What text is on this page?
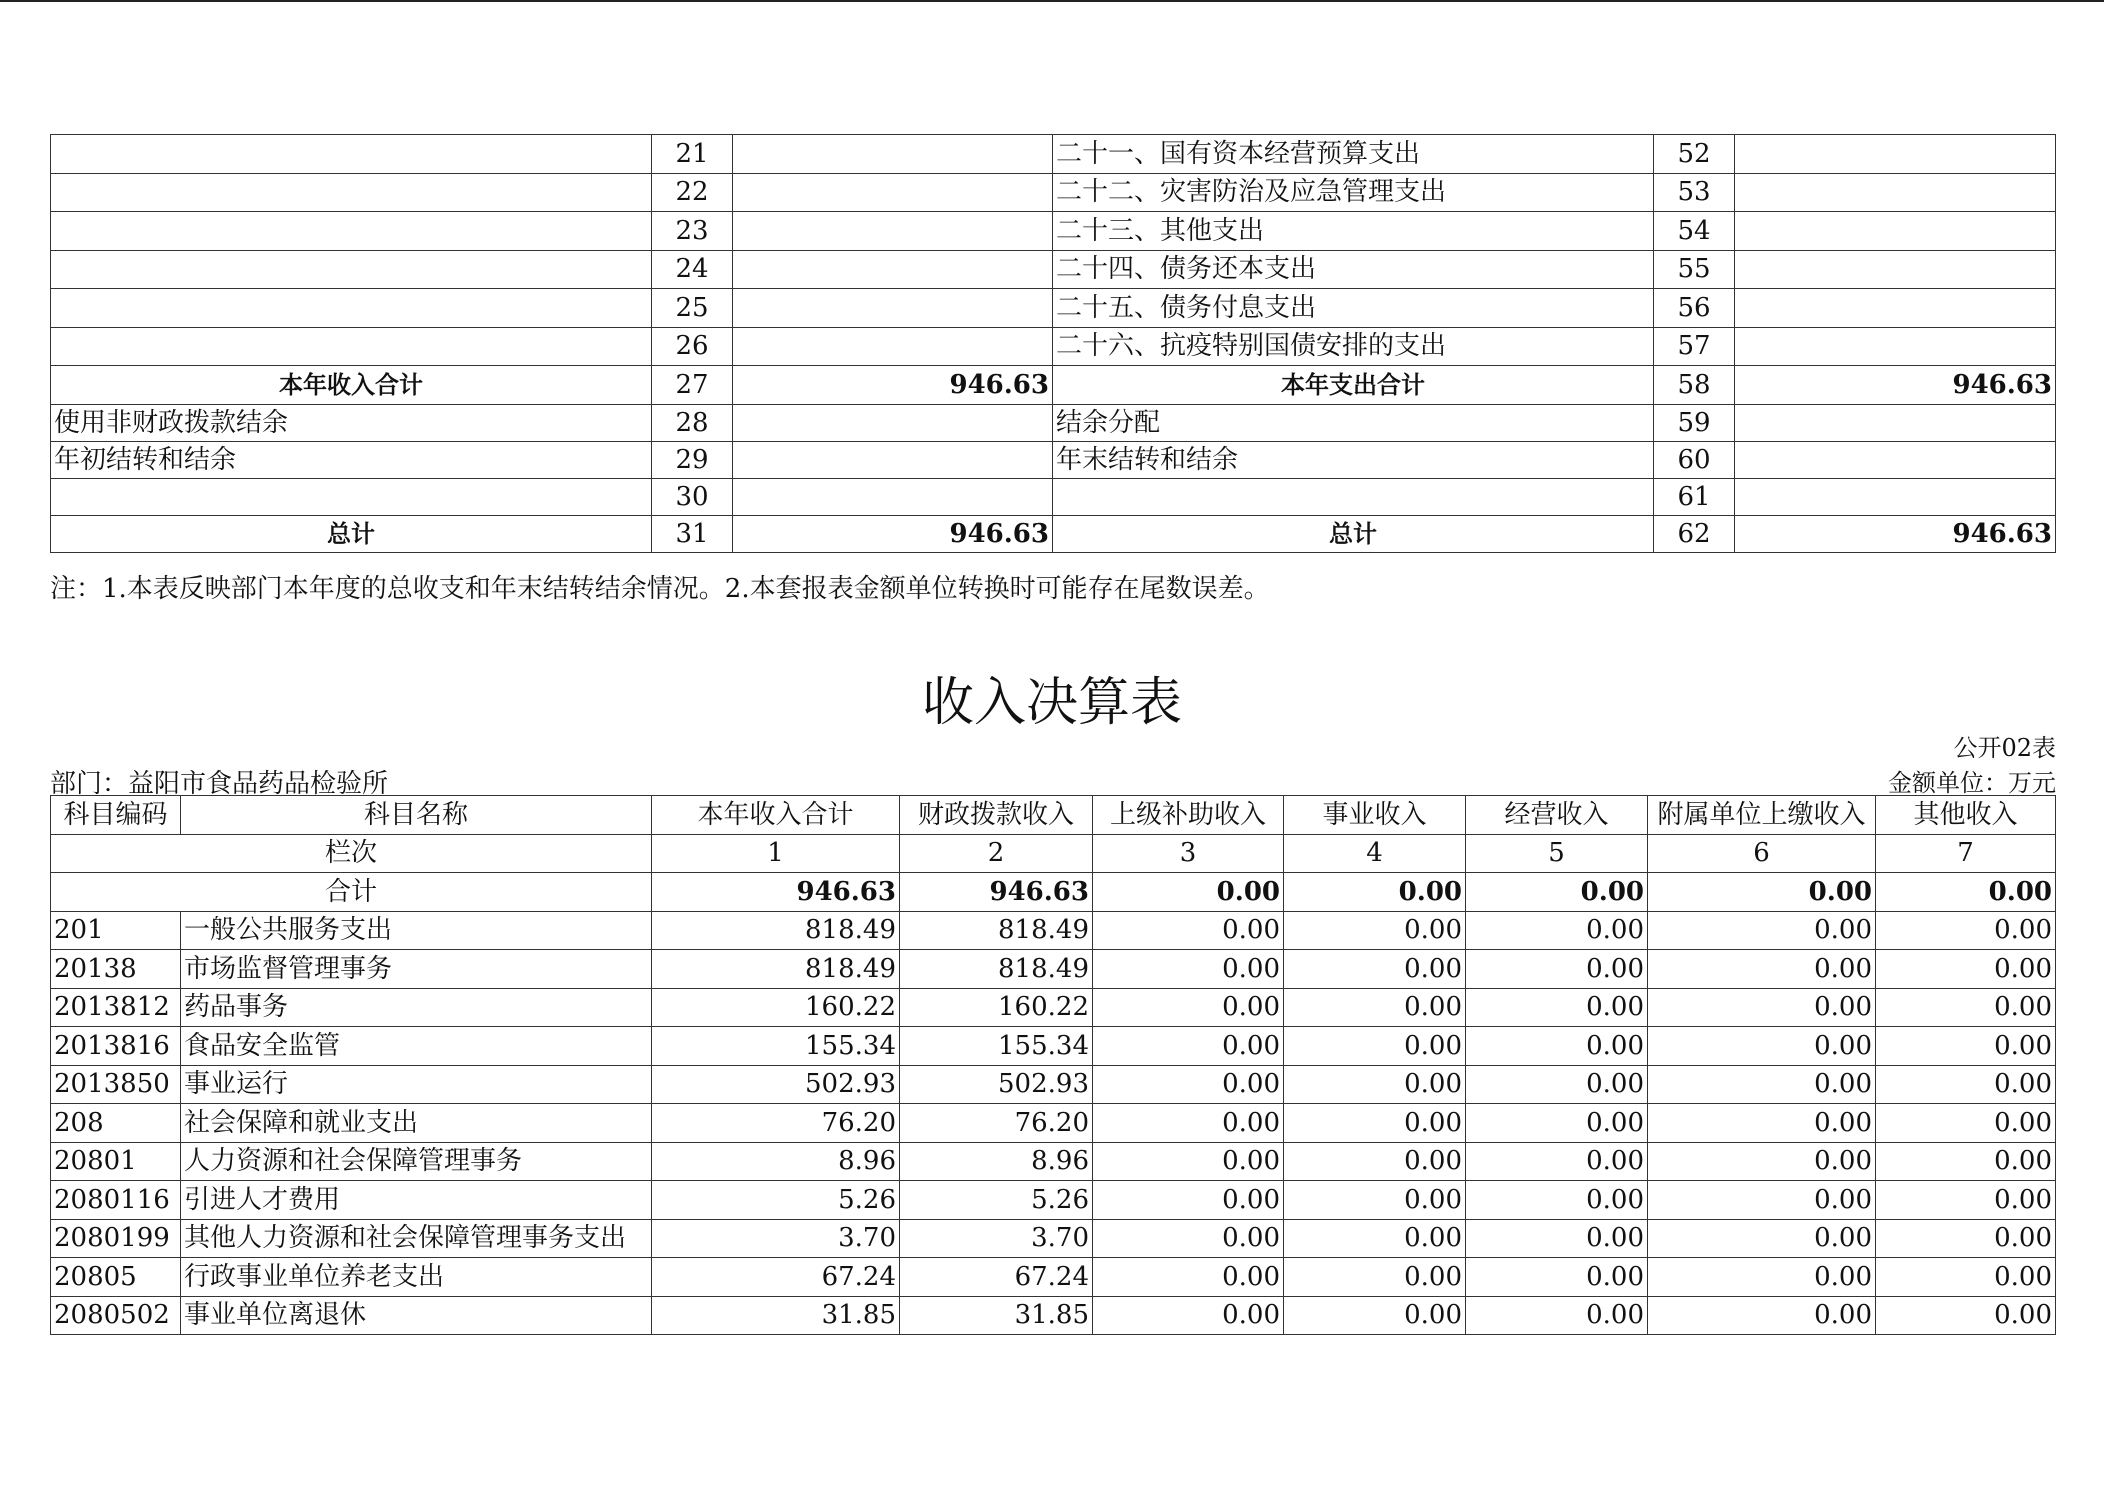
	21		二十一、国有资本经营预算支出	52	
	22		二十二、灾害防治及应急管理支出	53	
	23		二十三、其他支出	54	
	24		二十四、债务还本支出	55	
	25		二十五、债务付息支出	56	
	26		二十六、抗疫特别国债安排的支出	57	
本年收入合计	27	946.63	本年支出合计	58	946.63
使用非财政拨款结余	28		结余分配	59	
年初结转和结余	29		年末结转和结余	60	
	30			61	
总计	31	946.63	总计	62	946.63
注：1.本表反映部门本年度的总收支和年末结转结余情况。2.本套报表金额单位转换时可能存在尾数误差。
收入决算表
公开02表
部门：益阳市食品药品检验所	金额单位：万元
科目编码	科目名称	本年收入合计	财政拨款收入	上级补助收入	事业收入	经营收入	附属单位上缴收入	其他收入
栏次		1	2	3	4	5	6	7
合计		946.63	946.63	0.00	0.00	0.00	0.00	0.00
201	一般公共服务支出	818.49	818.49	0.00	0.00	0.00	0.00	0.00
20138	市场监督管理事务	818.49	818.49	0.00	0.00	0.00	0.00	0.00
2013812	药品事务	160.22	160.22	0.00	0.00	0.00	0.00	0.00
2013816	食品安全监管	155.34	155.34	0.00	0.00	0.00	0.00	0.00
2013850	事业运行	502.93	502.93	0.00	0.00	0.00	0.00	0.00
208	社会保障和就业支出	76.20	76.20	0.00	0.00	0.00	0.00	0.00
20801	人力资源和社会保障管理事务	8.96	8.96	0.00	0.00	0.00	0.00	0.00
2080116	引进人才费用	5.26	5.26	0.00	0.00	0.00	0.00	0.00
2080199	其他人力资源和社会保障管理事务支出	3.70	3.70	0.00	0.00	0.00	0.00	0.00
20805	行政事业单位养老支出	67.24	67.24	0.00	0.00	0.00	0.00	0.00
2080502	事业单位离退休	31.85	31.85	0.00	0.00	0.00	0.00	0.00
